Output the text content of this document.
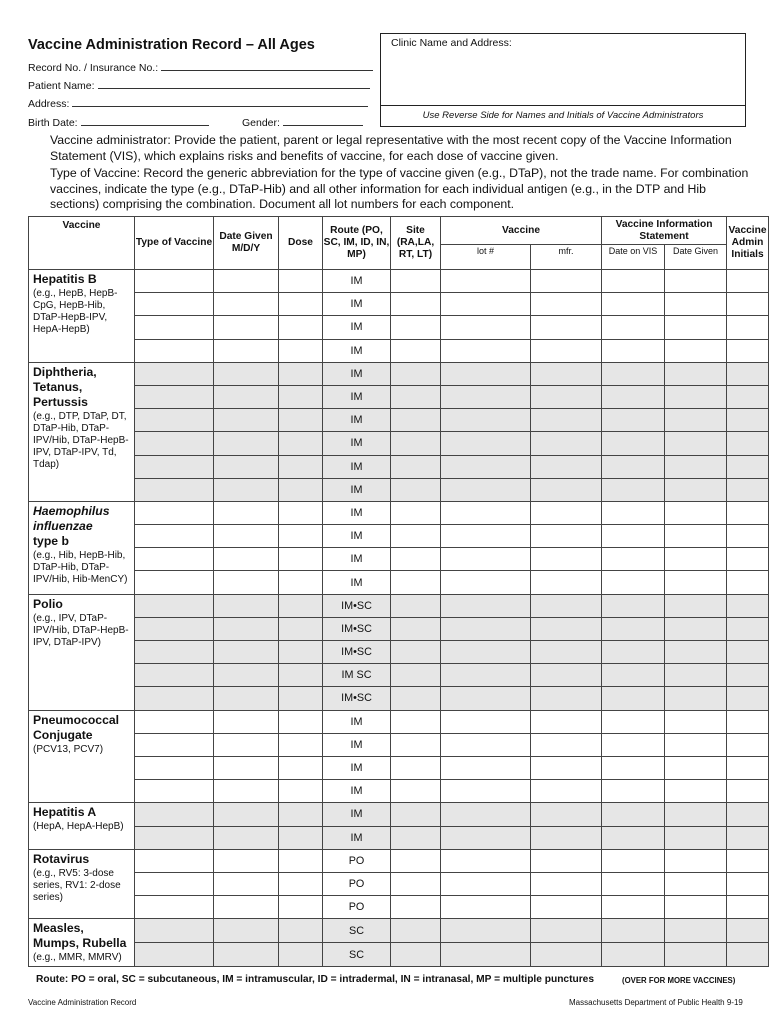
Vaccine Administration Record – All Ages
Record No. / Insurance No.:
Patient Name:
Address:
Birth Date:	Gender:
Clinic Name and Address:
Use Reverse Side for Names and Initials of Vaccine Administrators
Vaccine administrator: Provide the patient, parent or legal representative with the most recent copy of the Vaccine Information Statement (VIS), which explains risks and benefits of vaccine, for each dose of vaccine given.
Type of Vaccine: Record the generic abbreviation for the type of vaccine given (e.g., DTaP), not the trade name. For combination vaccines, indicate the type (e.g., DTaP-Hib) and all other information for each individual antigen (e.g., in the DTP and Hib sections) comprising the combination. Document all lot numbers for each component.
Vaccine	Type of Vaccine	Date Given M/D/Y	Dose	Route (PO, SC, IM, ID, IN, MP)	Site (RA,LA, RT, LT)	Vaccine		Vaccine Information Statement		Vaccine Admin Initials
						lot #	mfr.	Date on VIS	Date Given	

Hepatitis B
(e.g., HepB, HepB-CpG, HepB-Hib, DTaP-HepB-IPV, HepA-HepB)				IM						
				IM						
				IM						
				IM						

Diphtheria, Tetanus, Pertussis
(e.g., DTP, DTaP, DT, DTaP-Hib, DTaP-IPV/Hib, DTaP-HepB-IPV, DTaP-IPV, Td, Tdap)				IM						
				IM						
				IM						
				IM						
				IM						
				IM						

Haemophilus influenzae
type b
(e.g., Hib, HepB-Hib, DTaP-Hib, DTaP-IPV/Hib, Hib-MenCY)				IM						
				IM						
				IM						
				IM						

Polio
(e.g., IPV, DTaP-IPV/Hib, DTaP-HepB-IPV, DTaP-IPV)				IM•SC						
				IM•SC						
				IM•SC						
				IM SC						
				IM•SC						

Pneumococcal Conjugate
(PCV13, PCV7)				IM						
				IM						
				IM						
				IM						

Hepatitis A
(HepA, HepA-HepB)				IM						
				IM						

Rotavirus
(e.g., RV5: 3-dose series, RV1: 2-dose series)				PO						
				PO						
				PO						

Measles, Mumps, Rubella
(e.g., MMR, MMRV)				SC						
				SC						
Route: PO = oral, SC = subcutaneous, IM = intramuscular, ID = intradermal, IN = intranasal, MP = multiple punctures	(OVER FOR MORE VACCINES)
Vaccine Administration Record	Massachusetts Department of Public Health 9-19
